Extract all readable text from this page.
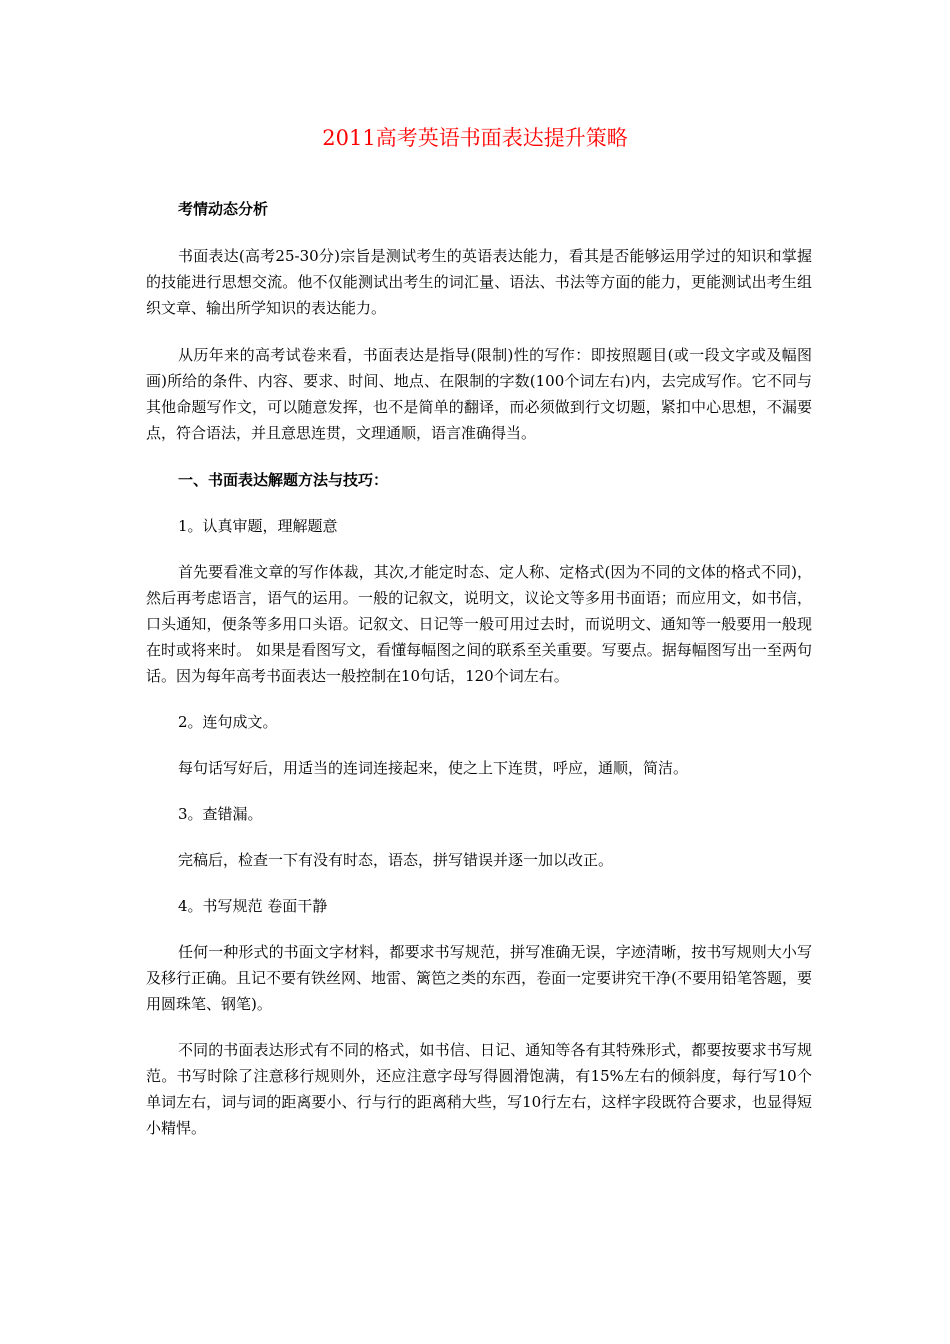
2011高考英语书面表达提升策略

考情动态分析

书面表达(高考25-30分)宗旨是测试考生的英语表达能力，看其是否能够运用学过的知识和掌握的技能进行思想交流。他不仅能测试出考生的词汇量、语法、书法等方面的能力，更能测试出考生组织文章、输出所学知识的表达能力。

从历年来的高考试卷来看，书面表达是指导(限制)性的写作：即按照题目(或一段文字或及幅图画)所给的条件、内容、要求、时间、地点、在限制的字数(100个词左右)内，去完成写作。它不同与其他命题写作文，可以随意发挥，也不是简单的翻译，而必须做到行文切题，紧扣中心思想，不漏要点，符合语法，并且意思连贯，文理通顺，语言准确得当。

一、书面表达解题方法与技巧：

1。认真审题，理解题意

首先要看准文章的写作体裁，其次,才能定时态、定人称、定格式(因为不同的文体的格式不同)，然后再考虑语言，语气的运用。一般的记叙文，说明文，议论文等多用书面语；而应用文，如书信，口头通知，便条等多用口头语。记叙文、日记等一般可用过去时，而说明文、通知等一般要用一般现在时或将来时。 如果是看图写文，看懂每幅图之间的联系至关重要。写要点。据每幅图写出一至两句话。因为每年高考书面表达一般控制在10句话，120个词左右。

2。连句成文。

每句话写好后，用适当的连词连接起来，使之上下连贯，呼应，通顺，简洁。

3。查错漏。

完稿后，检查一下有没有时态，语态，拼写错误并逐一加以改正。

4。书写规范 卷面干静

任何一种形式的书面文字材料，都要求书写规范，拼写准确无误，字迹清晰，按书写规则大小写及移行正确。且记不要有铁丝网、地雷、篱笆之类的东西，卷面一定要讲究干净(不要用铅笔答题，要用圆珠笔、钢笔)。

不同的书面表达形式有不同的格式，如书信、日记、通知等各有其特殊形式，都要按要求书写规范。书写时除了注意移行规则外，还应注意字母写得圆滑饱满，有15%左右的倾斜度，每行写10个单词左右，词与词的距离要小、行与行的距离稍大些，写10行左右，这样字段既符合要求，也显得短小精悍。
